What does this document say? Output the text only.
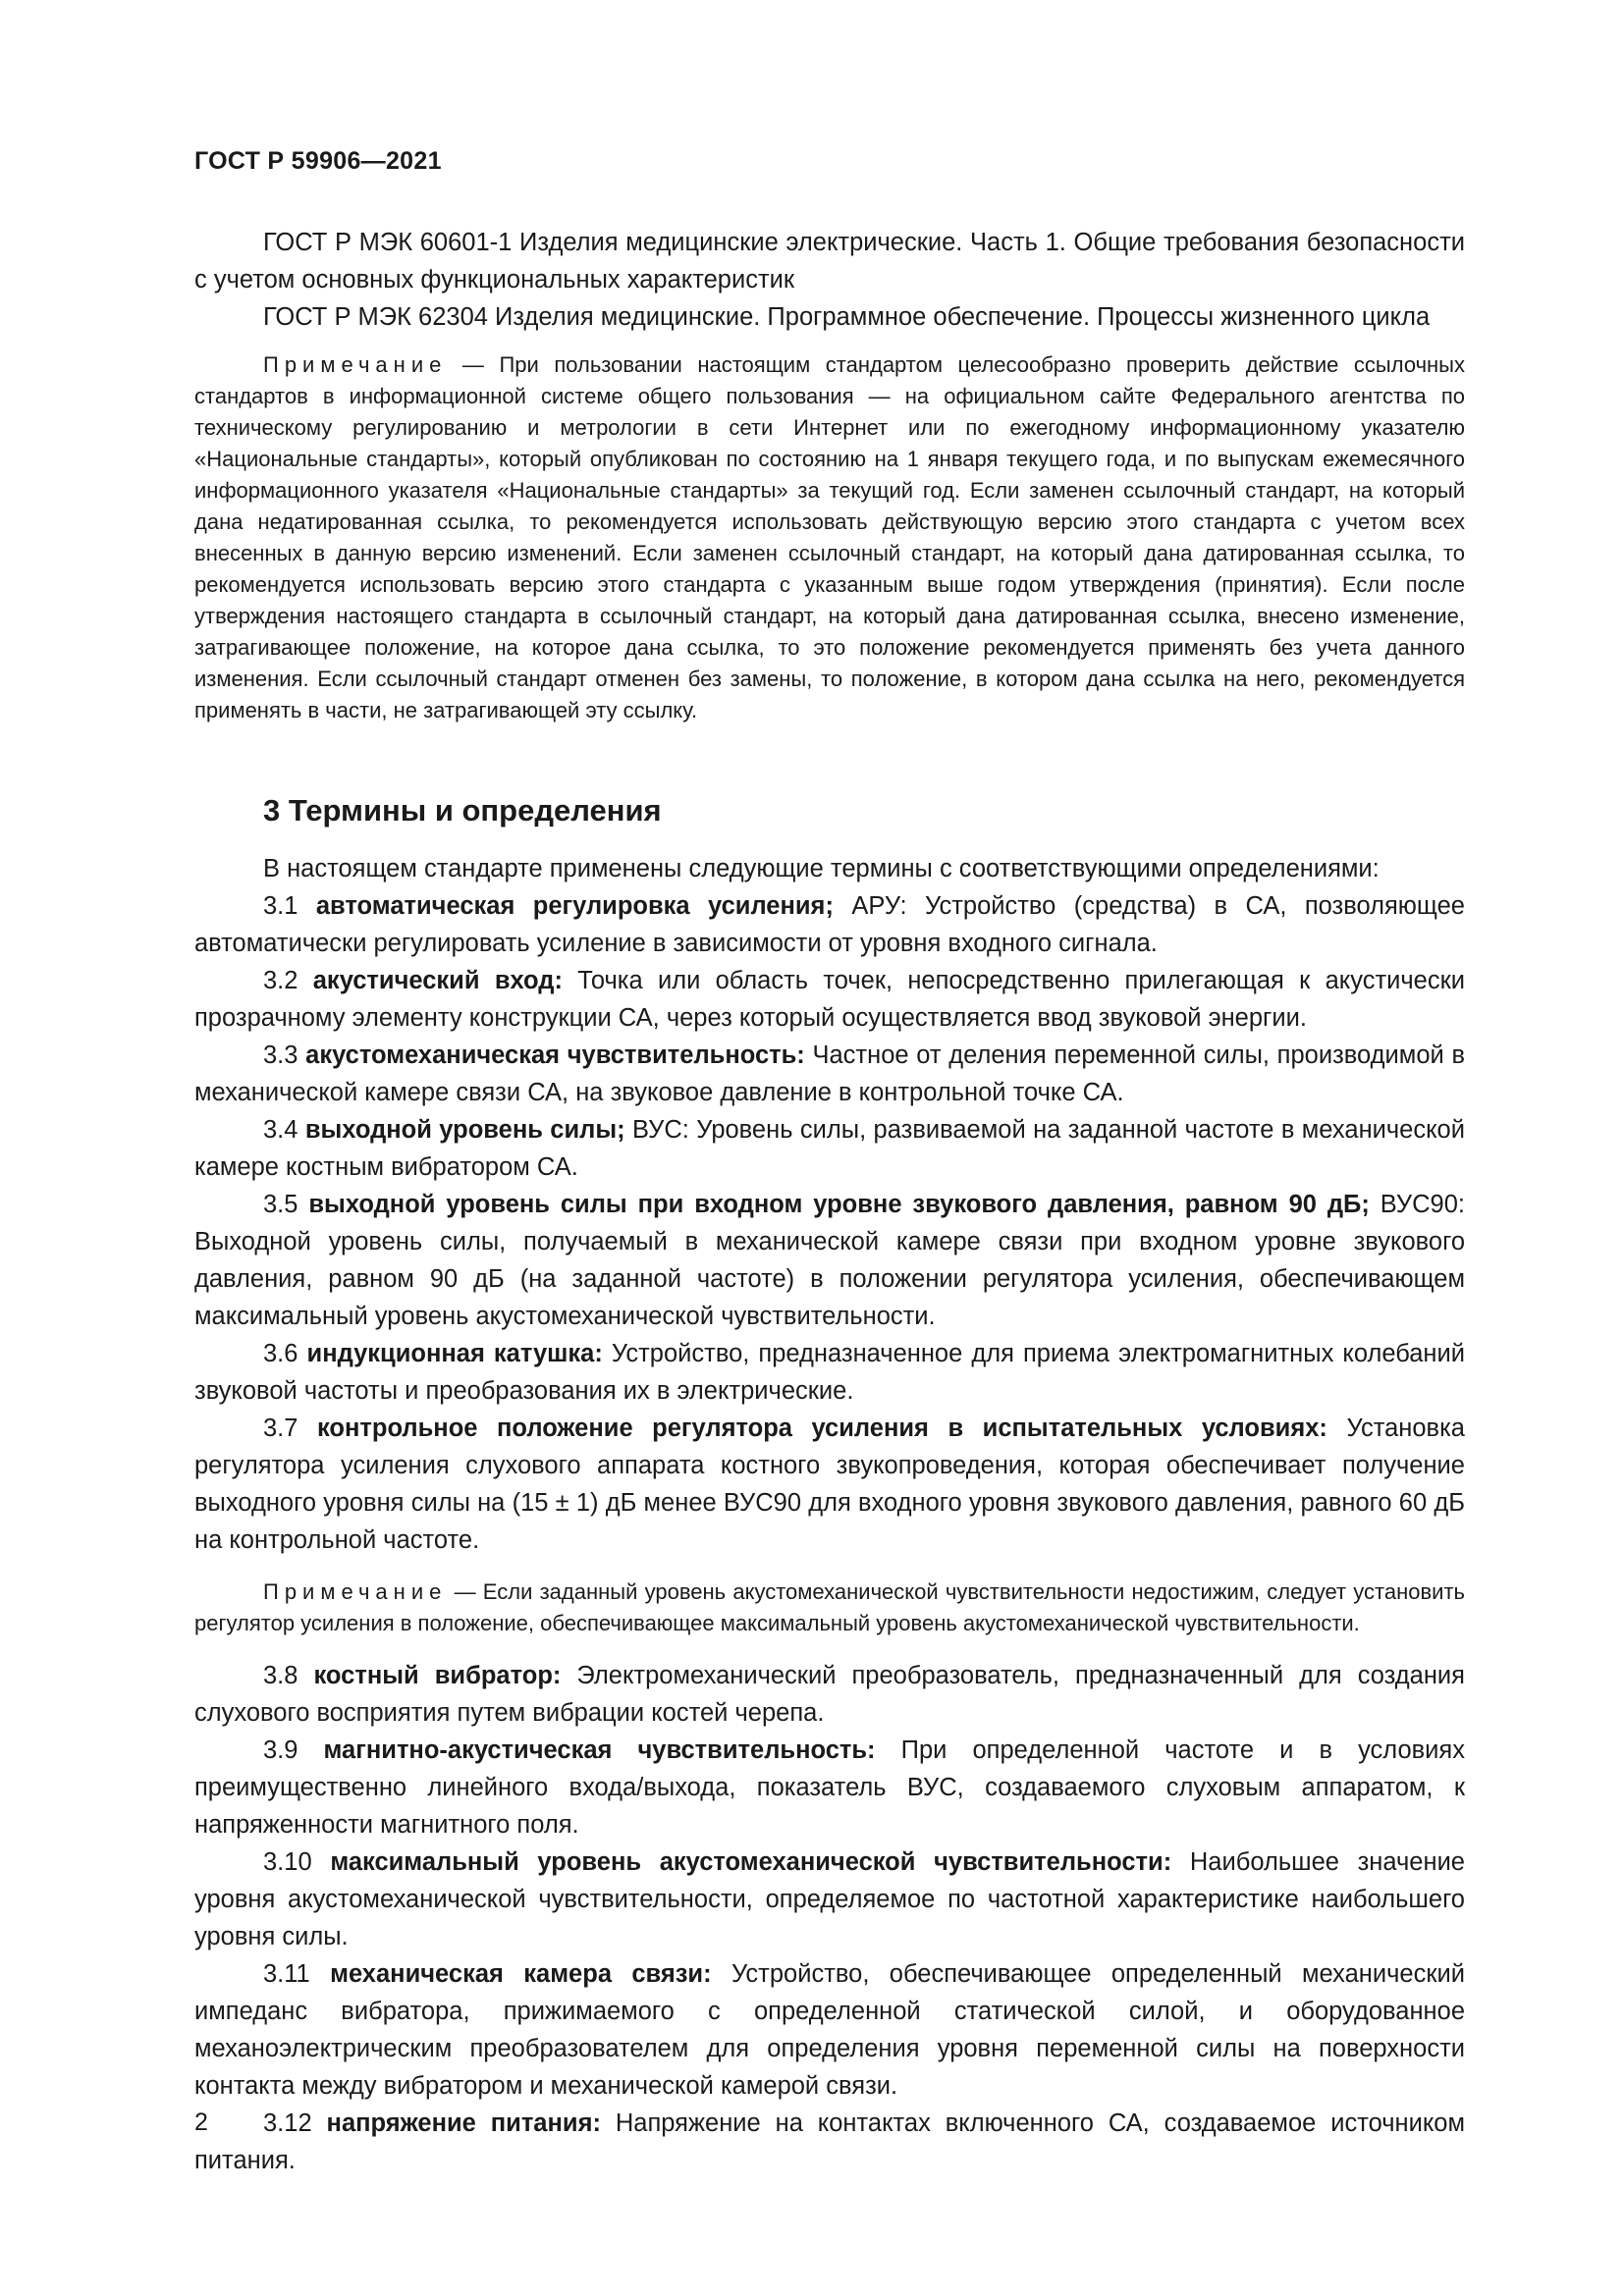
ГОСТ Р 59906—2021

ГОСТ Р МЭК 60601-1 Изделия медицинские электрические. Часть 1. Общие требования безопасности с учетом основных функциональных характеристик

ГОСТ Р МЭК 62304 Изделия медицинские. Программное обеспечение. Процессы жизненного цикла

Примечание — При пользовании настоящим стандартом целесообразно проверить действие ссылочных стандартов в информационной системе общего пользования — на официальном сайте Федерального агентства по техническому регулированию и метрологии в сети Интернет или по ежегодному информационному указателю «Национальные стандарты», который опубликован по состоянию на 1 января текущего года, и по выпускам ежемесячного информационного указателя «Национальные стандарты» за текущий год. Если заменен ссылочный стандарт, на который дана недатированная ссылка, то рекомендуется использовать действующую версию этого стандарта с учетом всех внесенных в данную версию изменений. Если заменен ссылочный стандарт, на который дана датированная ссылка, то рекомендуется использовать версию этого стандарта с указанным выше годом утверждения (принятия). Если после утверждения настоящего стандарта в ссылочный стандарт, на который дана датированная ссылка, внесено изменение, затрагивающее положение, на которое дана ссылка, то это положение рекомендуется применять без учета данного изменения. Если ссылочный стандарт отменен без замены, то положение, в котором дана ссылка на него, рекомендуется применять в части, не затрагивающей эту ссылку.

3 Термины и определения

В настоящем стандарте применены следующие термины с соответствующими определениями:

3.1 автоматическая регулировка усиления; АРУ: Устройство (средства) в СА, позволяющее автоматически регулировать усиление в зависимости от уровня входного сигнала.

3.2 акустический вход: Точка или область точек, непосредственно прилегающая к акустически прозрачному элементу конструкции СА, через который осуществляется ввод звуковой энергии.

3.3 акустомеханическая чувствительность: Частное от деления переменной силы, производимой в механической камере связи СА, на звуковое давление в контрольной точке СА.

3.4 выходной уровень силы; ВУС: Уровень силы, развиваемой на заданной частоте в механической камере костным вибратором СА.

3.5 выходной уровень силы при входном уровне звукового давления, равном 90 дБ; ВУС90: Выходной уровень силы, получаемый в механической камере связи при входном уровне звукового давления, равном 90 дБ (на заданной частоте) в положении регулятора усиления, обеспечивающем максимальный уровень акустомеханической чувствительности.

3.6 индукционная катушка: Устройство, предназначенное для приема электромагнитных колебаний звуковой частоты и преобразования их в электрические.

3.7 контрольное положение регулятора усиления в испытательных условиях: Установка регулятора усиления слухового аппарата костного звукопроведения, которая обеспечивает получение выходного уровня силы на (15 ± 1) дБ менее ВУС90 для входного уровня звукового давления, равного 60 дБ на контрольной частоте.

Примечание — Если заданный уровень акустомеханической чувствительности недостижим, следует установить регулятор усиления в положение, обеспечивающее максимальный уровень акустомеханической чувствительности.

3.8 костный вибратор: Электромеханический преобразователь, предназначенный для создания слухового восприятия путем вибрации костей черепа.

3.9 магнитно-акустическая чувствительность: При определенной частоте и в условиях преимущественно линейного входа/выхода, показатель ВУС, создаваемого слуховым аппаратом, к напряженности магнитного поля.

3.10 максимальный уровень акустомеханической чувствительности: Наибольшее значение уровня акустомеханической чувствительности, определяемое по частотной характеристике наибольшего уровня силы.

3.11 механическая камера связи: Устройство, обеспечивающее определенный механический импеданс вибратора, прижимаемого с определенной статической силой, и оборудованное механоэлектрическим преобразователем для определения уровня переменной силы на поверхности контакта между вибратором и механической камерой связи.

3.12 напряжение питания: Напряжение на контактах включенного СА, создаваемое источником питания.

2
